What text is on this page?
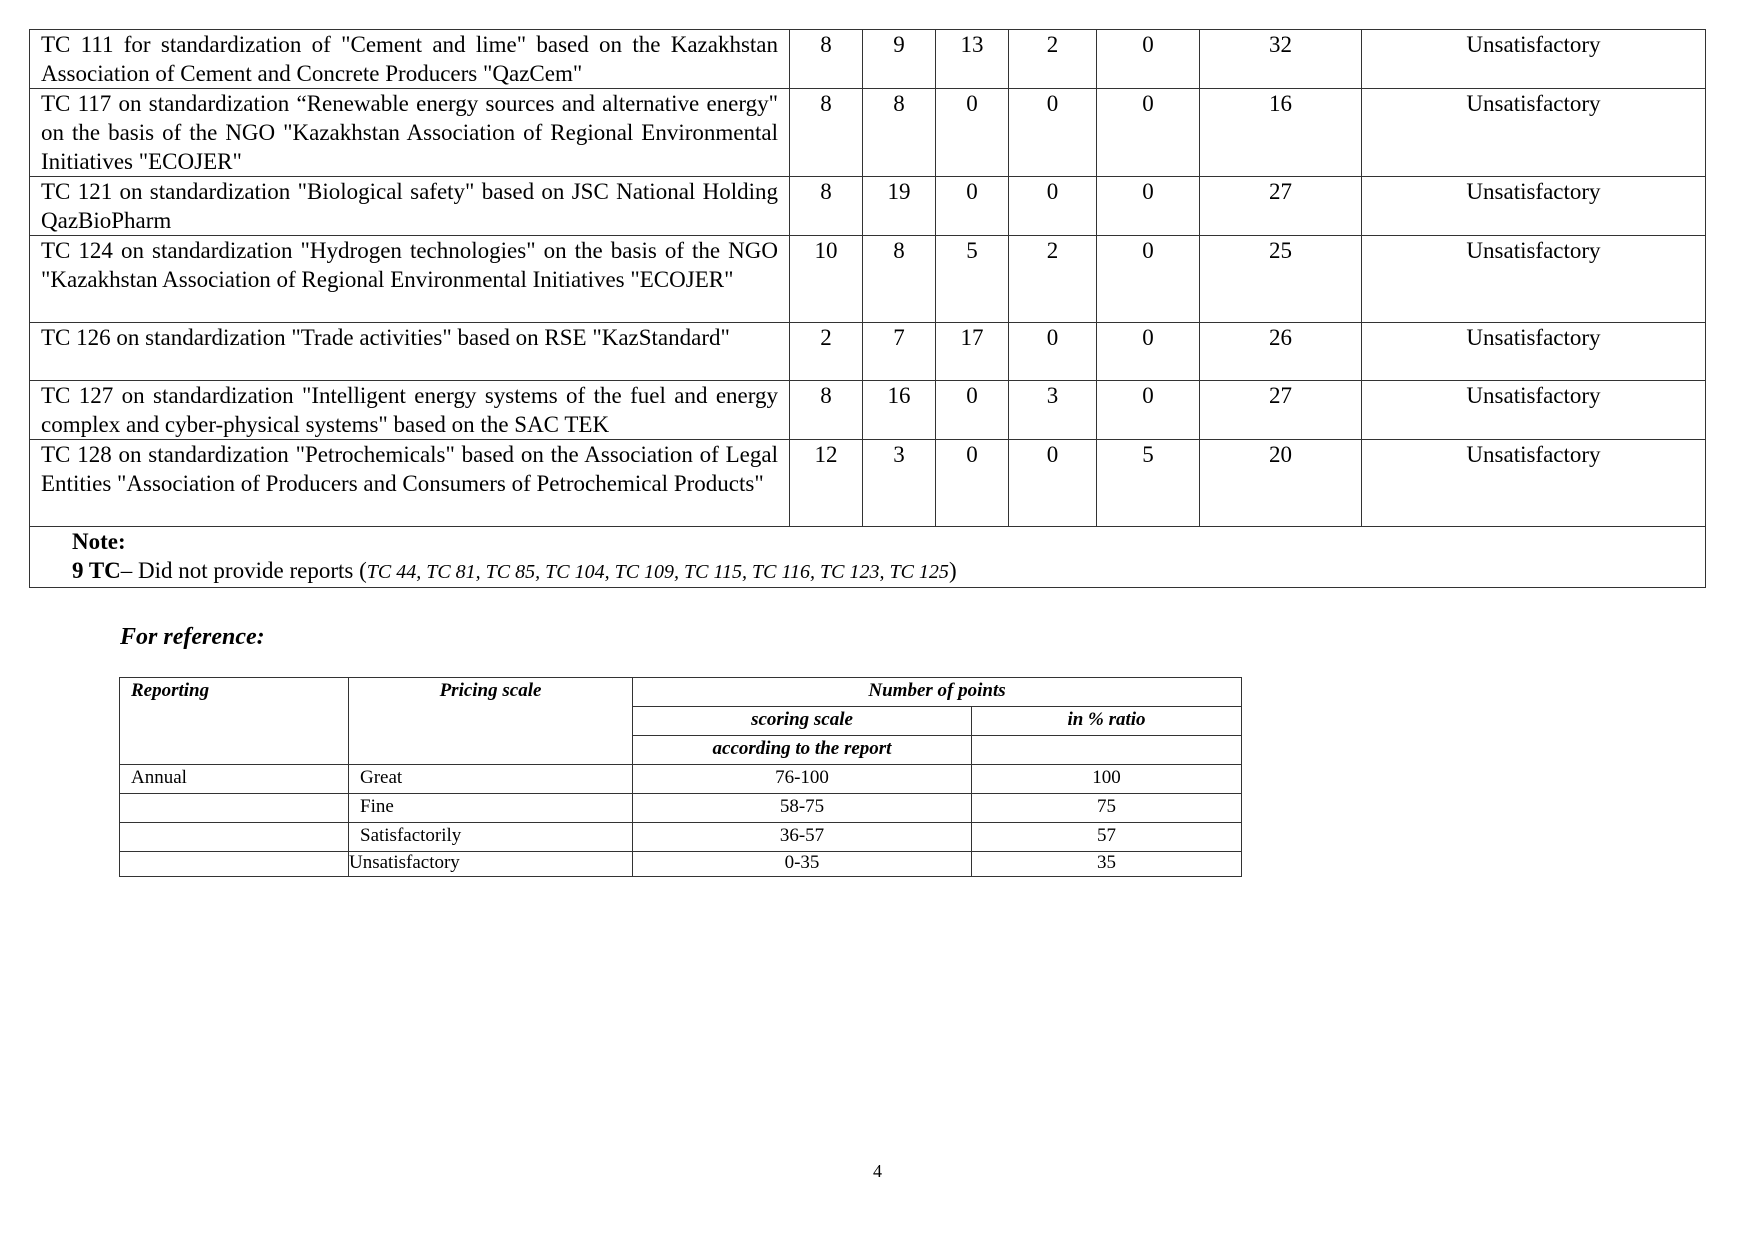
TC 111 for standardization of "Cement and lime" based on the Kazakhstan Association of Cement and Concrete Producers "QazCem"	8	9	13	2	0	32	Unsatisfactory
TC 117 on standardization “Renewable energy sources and alternative energy" on the basis of the NGO "Kazakhstan Association of Regional Environmental Initiatives "ECOJER"	8	8	0	0	0	16	Unsatisfactory
TC 121 on standardization "Biological safety" based on JSC National Holding QazBioPharm	8	19	0	0	0	27	Unsatisfactory
TC 124 on standardization "Hydrogen technologies" on the basis of the NGO "Kazakhstan Association of Regional Environmental Initiatives "ECOJER"	10	8	5	2	0	25	Unsatisfactory
TC 126 on standardization "Trade activities" based on RSE "KazStandard"	2	7	17	0	0	26	Unsatisfactory
TC 127 on standardization "Intelligent energy systems of the fuel and energy complex and cyber-physical systems" based on the SAC TEK	8	16	0	3	0	27	Unsatisfactory
TC 128 on standardization "Petrochemicals" based on the Association of Legal Entities "Association of Producers and Consumers of Petrochemical Products"	12	3	0	0	5	20	Unsatisfactory

Note:
9 TC– Did not provide reports (TC 44, TC 81, TC 85, TC 104, TC 109, TC 115, TC 116, TC 123, TC 125)							
For reference:
Reporting	Pricing scale	Number of points	
		scoring scale	in % ratio
		according to the report	
Annual	Great	76-100	100
	Fine	58-75	75
	Satisfactorily	36-57	57
	Unsatisfactory	0-35	35
4
